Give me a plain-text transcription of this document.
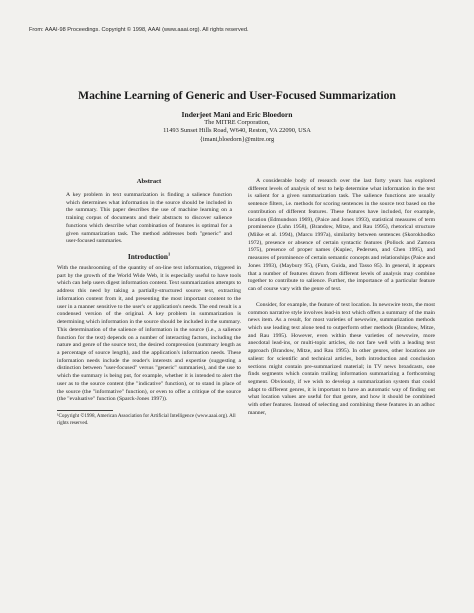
From: AAAI-98 Proceedings. Copyright © 1998, AAAI (www.aaai.org). All rights reserved.
Machine Learning of Generic and User-Focused Summarization
Inderjeet Mani and Eric Bloedorn
The MITRE Corporation,
11493 Sunset Hills Road, W640, Reston, VA 22090, USA
{imani,bloedorn}@mitre.org
Abstract

A key problem in text summarization is finding a salience function which determines what information in the source should be included in the summary. This paper describes the use of machine learning on a training corpus of documents and their abstracts to discover salience functions which describe what combination of features is optimal for a given summarization task. The method addresses both "generic" and user-focused summaries.

Introduction$^1$

With the mushrooming of the quantity of on-line text information, triggered in part by the growth of the World Wide Web, it is especially useful to have tools which can help users digest information content. Text summarization attempts to address this need by taking a partially-structured source text, extracting information content from it, and presenting the most important content to the user in a manner sensitive to the user's or application's needs. The end result is a condensed version of the original. A key problem in summarization is determining which information in the source should be included in the summary. This determination of the salience of information in the source (i.e., a salience function for the text) depends on a number of interacting factors, including the nature and genre of the source text, the desired compression (summary length as a percentage of source length), and the application's information needs. These information needs include the reader's interests and expertise (suggesting a distinction between "user-focused" versus "generic" summaries), and the use to which the summary is being put, for example, whether it is intended to alert the user as to the source content (the "indicative" function), or to stand in place of the source (the "informative" function), or even to offer a critique of the source (the "evaluative" function (Sparck-Jones 1997)).

¹Copyright ©1998, American Association for Artificial Intelligence (www.aaai.org). All rights reserved.

A considerable body of research over the last forty years has explored different levels of analysis of text to help determine what information in the text is salient for a given summarization task. The salience functions are usually sentence filters, i.e. methods for scoring sentences in the source text based on the contribution of different features. These features have included, for example, location (Edmundson 1969), (Paice and Jones 1993), statistical measures of term prominence (Luhn 1958), (Brandow, Mitze, and Rau 1995), rhetorical structure (Miike et al. 1994), (Marcu 1997a), similarity between sentences (Skorokhodko 1972), presence or absence of certain syntactic features (Pollock and Zamora 1975), presence of proper names (Kupiec, Pedersen, and Chen 1995), and measures of prominence of certain semantic concepts and relationships (Paice and Jones 1993), (Maybury 95), (Fum, Guida, and Tasso 85). In general, it appears that a number of features drawn from different levels of analysis may combine together to contribute to salience. Further, the importance of a particular feature can of course vary with the genre of text.

Consider, for example, the feature of text location. In newswire texts, the most common narrative style involves lead-in text which offers a summary of the main news item. As a result, for most varieties of newswire, summarization methods which use leading text alone tend to outperform other methods (Brandow, Mitze, and Rau 1995). However, even within these varieties of newswire, more anecdotal lead-ins, or multi-topic articles, do not fare well with a leading text approach (Brandow, Mitze, and Rau 1995). In other genres, other locations are salient: for scientific and technical articles, both introduction and conclusion sections might contain pre-summarized material; in TV news broadcasts, one finds segments which contain trailing information summarizing a forthcoming segment. Obviously, if we wish to develop a summarization system that could adapt to different genres, it is important to have an automatic way of finding out what location values are useful for that genre, and how it should be combined with other features. Instead of selecting and combining these features in an adhoc manner,
